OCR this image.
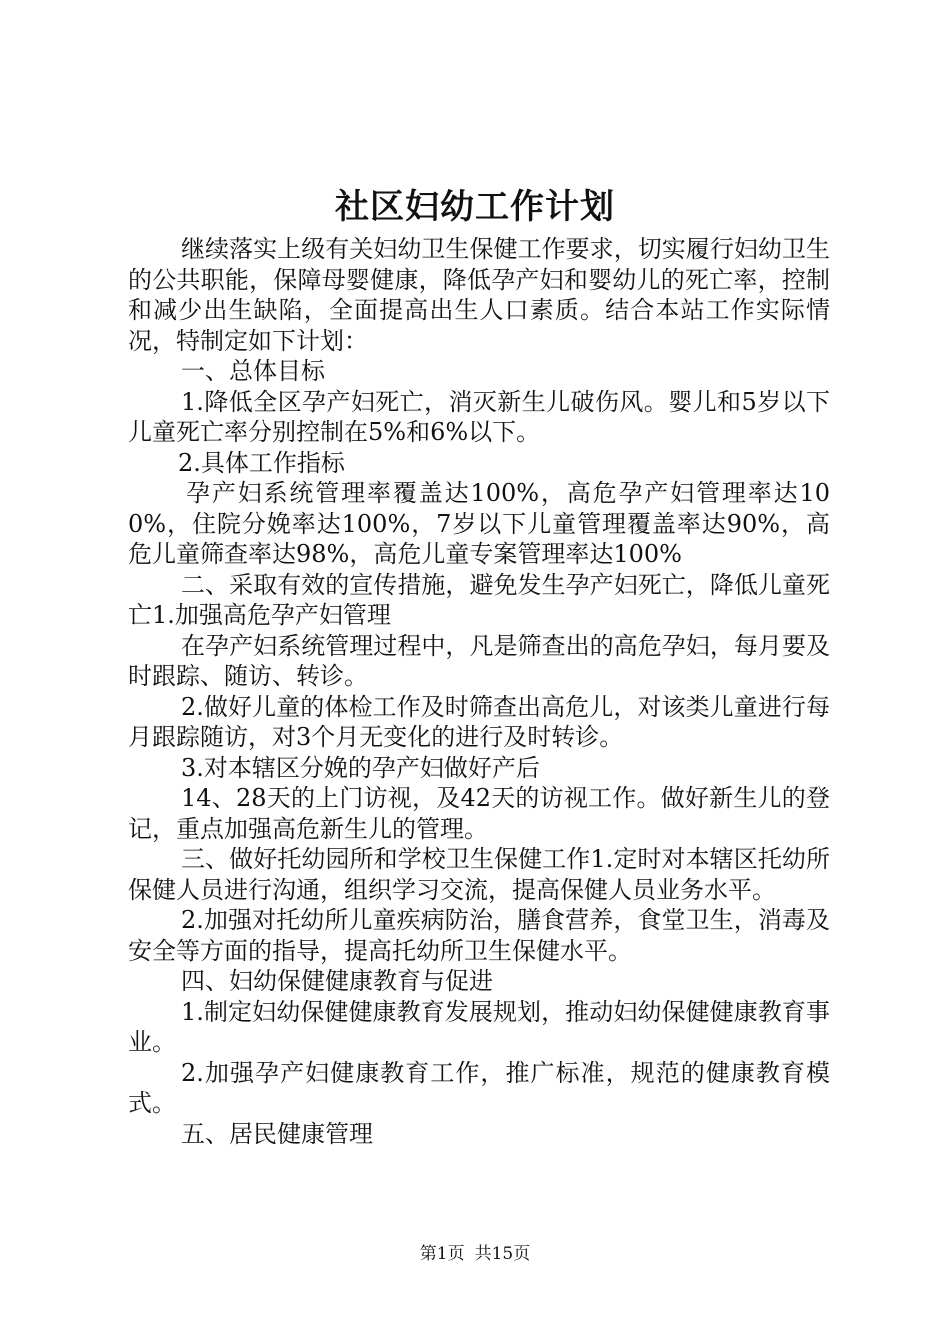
社区妇幼工作计划

继续落实上级有关妇幼卫生保健工作要求，切实履行妇幼卫生的公共职能，保障母婴健康，降低孕产妇和婴幼儿的死亡率，控制和减少出生缺陷，全面提高出生人口素质。结合本站工作实际情况，特制定如下计划：

一、总体目标

1.降低全区孕产妇死亡，消灭新生儿破伤风。婴儿和5岁以下儿童死亡率分别控制在5%和6%以下。

2.具体工作指标

孕产妇系统管理率覆盖达100%，高危孕产妇管理率达100%，住院分娩率达100%，7岁以下儿童管理覆盖率达90%，高危儿童筛查率达98%，高危儿童专案管理率达100%

二、采取有效的宣传措施，避免发生孕产妇死亡，降低儿童死亡1.加强高危孕产妇管理

在孕产妇系统管理过程中，凡是筛查出的高危孕妇，每月要及时跟踪、随访、转诊。

2.做好儿童的体检工作及时筛查出高危儿，对该类儿童进行每月跟踪随访，对3个月无变化的进行及时转诊。

3.对本辖区分娩的孕产妇做好产后

14、28天的上门访视，及42天的访视工作。做好新生儿的登记，重点加强高危新生儿的管理。

三、做好托幼园所和学校卫生保健工作1.定时对本辖区托幼所保健人员进行沟通，组织学习交流，提高保健人员业务水平。

2.加强对托幼所儿童疾病防治，膳食营养，食堂卫生，消毒及安全等方面的指导，提高托幼所卫生保健水平。

四、妇幼保健健康教育与促进

1.制定妇幼保健健康教育发展规划，推动妇幼保健健康教育事业。

2.加强孕产妇健康教育工作，推广标准，规范的健康教育模式。

五、居民健康管理

第1页 共15页
